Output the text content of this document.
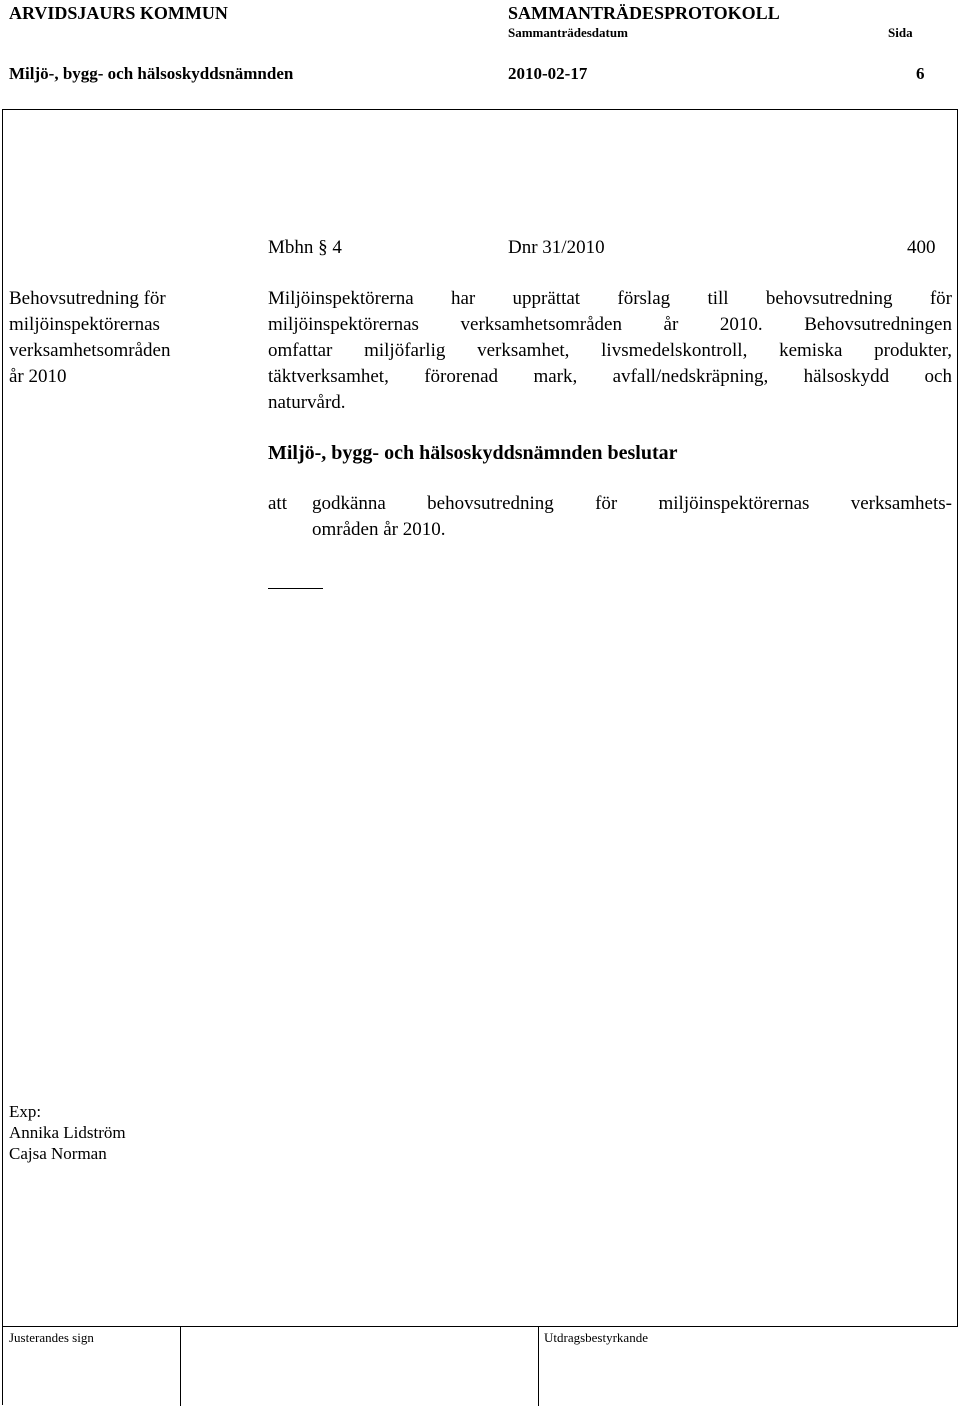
ARVIDSJAURS KOMMUN	SAMMANTRÄDESPROTOKOLL
Sammanträdesdatum	Sida
Miljö-, bygg- och hälsoskyddsnämnden	2010-02-17	6
Mbhn § 4	Dnr 31/2010	400
Behovsutredning för
miljöinspektörernas
verksamhetsområden
år 2010
Miljöinspektörerna har upprättat förslag till behovsutredning för
miljöinspektörernas verksamhetsområden år 2010. Behovsutredningen
omfattar miljöfarlig verksamhet, livsmedelskontroll, kemiska produkter,
täktverksamhet, förorenad mark, avfall/nedskräpning, hälsoskydd och
naturvård.
Miljö-, bygg- och hälsoskyddsnämnden beslutar
att godkänna behovsutredning för miljöinspektörernas verksamhets-
områden år 2010.
Exp:
Annika Lidström
Cajsa Norman
Justerandes sign	Utdragsbestyrkande
